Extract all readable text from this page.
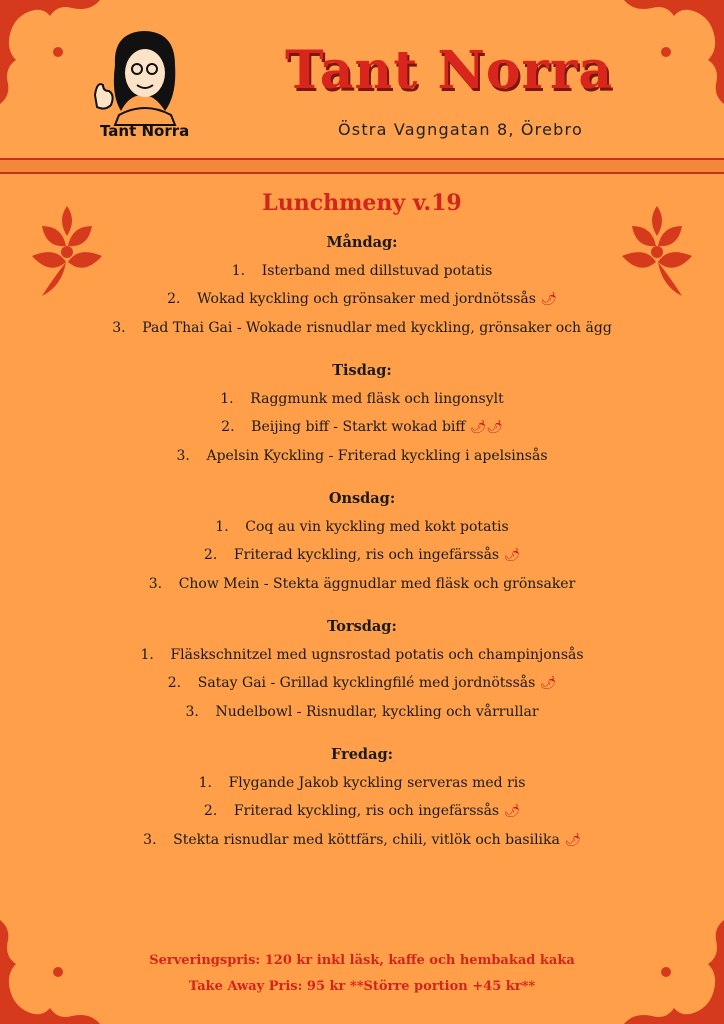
Tant Norra
Tant Norra
Östra Vagngatan 8, Örebro
Lunchmeny v.19
Måndag:
1. Isterband med dillstuvad potatis
2. Wokad kyckling och grönsaker med jordnötssås 🌶
3. Pad Thai Gai - Wokade risnudlar med kyckling, grönsaker och ägg
Tisdag:
1. Raggmunk med fläsk och lingonsylt
2. Beijing biff - Starkt wokad biff 🌶🌶
3. Apelsin Kyckling - Friterad kyckling i apelsinsås
Onsdag:
1. Coq au vin kyckling med kokt potatis
2. Friterad kyckling, ris och ingefärssås 🌶
3. Chow Mein - Stekta äggnudlar med fläsk och grönsaker
Torsdag:
1. Fläskschnitzel med ugnsrostad potatis och champinjonsås
2. Satay Gai - Grillad kycklingfilé med jordnötssås 🌶
3. Nudelbowl - Risnudlar, kyckling och vårrullar
Fredag:
1. Flygande Jakob kyckling serveras med ris
2. Friterad kyckling, ris och ingefärssås 🌶
3. Stekta risnudlar med köttfärs, chili, vitlök och basilika 🌶
Serveringspris: 120 kr inkl läsk, kaffe och hembakad kaka
Take Away Pris: 95 kr **Större portion +45 kr**
